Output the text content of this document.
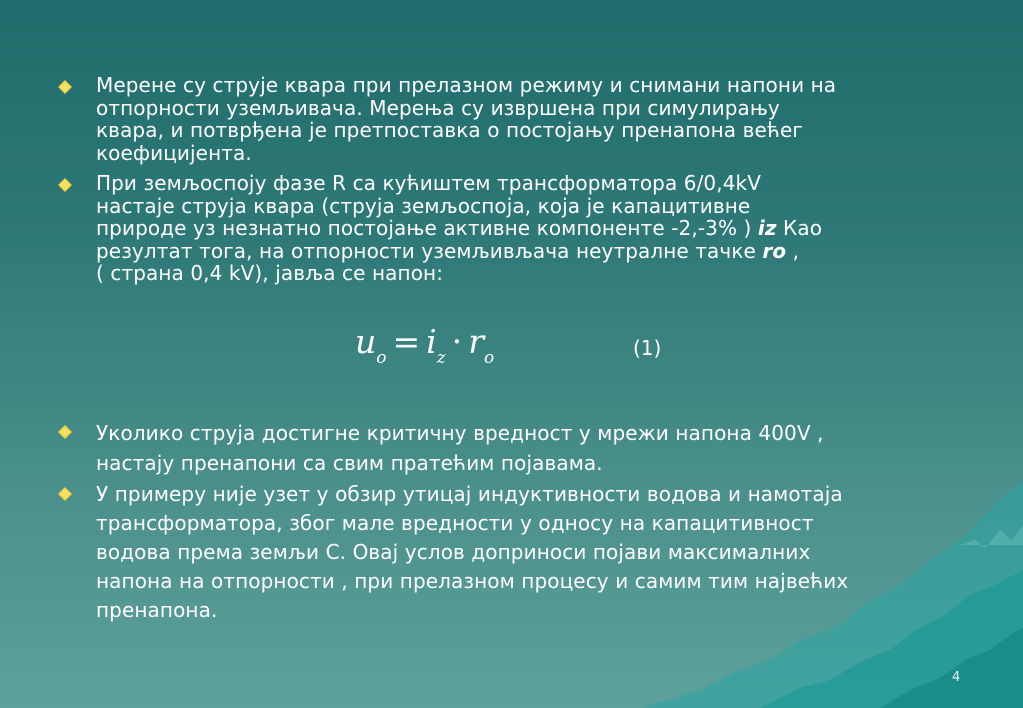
Мерене су струје квара при прелазном режиму и снимани напони на
отпорности уземљивача. Мерења су извршена при симулирању
квара, и потврђена је претпоставка о постојању пренапона већег
коефицијента.
При земљоспоју фазе R са кућиштем трансформатора 6/0,4kV
настаје струја квара (струја земљоспоја, која је капацитивне
природе уз незнатно постојање активне компоненте -2,-3% ) iz Као
резултат тога, на отпорности уземљивљача неутралне тачке ro ,
( страна 0,4 kV), јавља се напон:
$u_o = i_z \cdot r_o$	(1)
Уколико струја достигне критичну вредност у мрежи напона 400V ,
настају пренапони са свим пратећим појавама.
У примеру није узет у обзир утицај индуктивности водова и намотаја
трансформатора, због мале вредности у односу на капацитивност
водова према земљи C. Овај услов доприноси појави максималних
напона на отпорности , при прелазном процесу и самим тим највећих
пренапона.
4
